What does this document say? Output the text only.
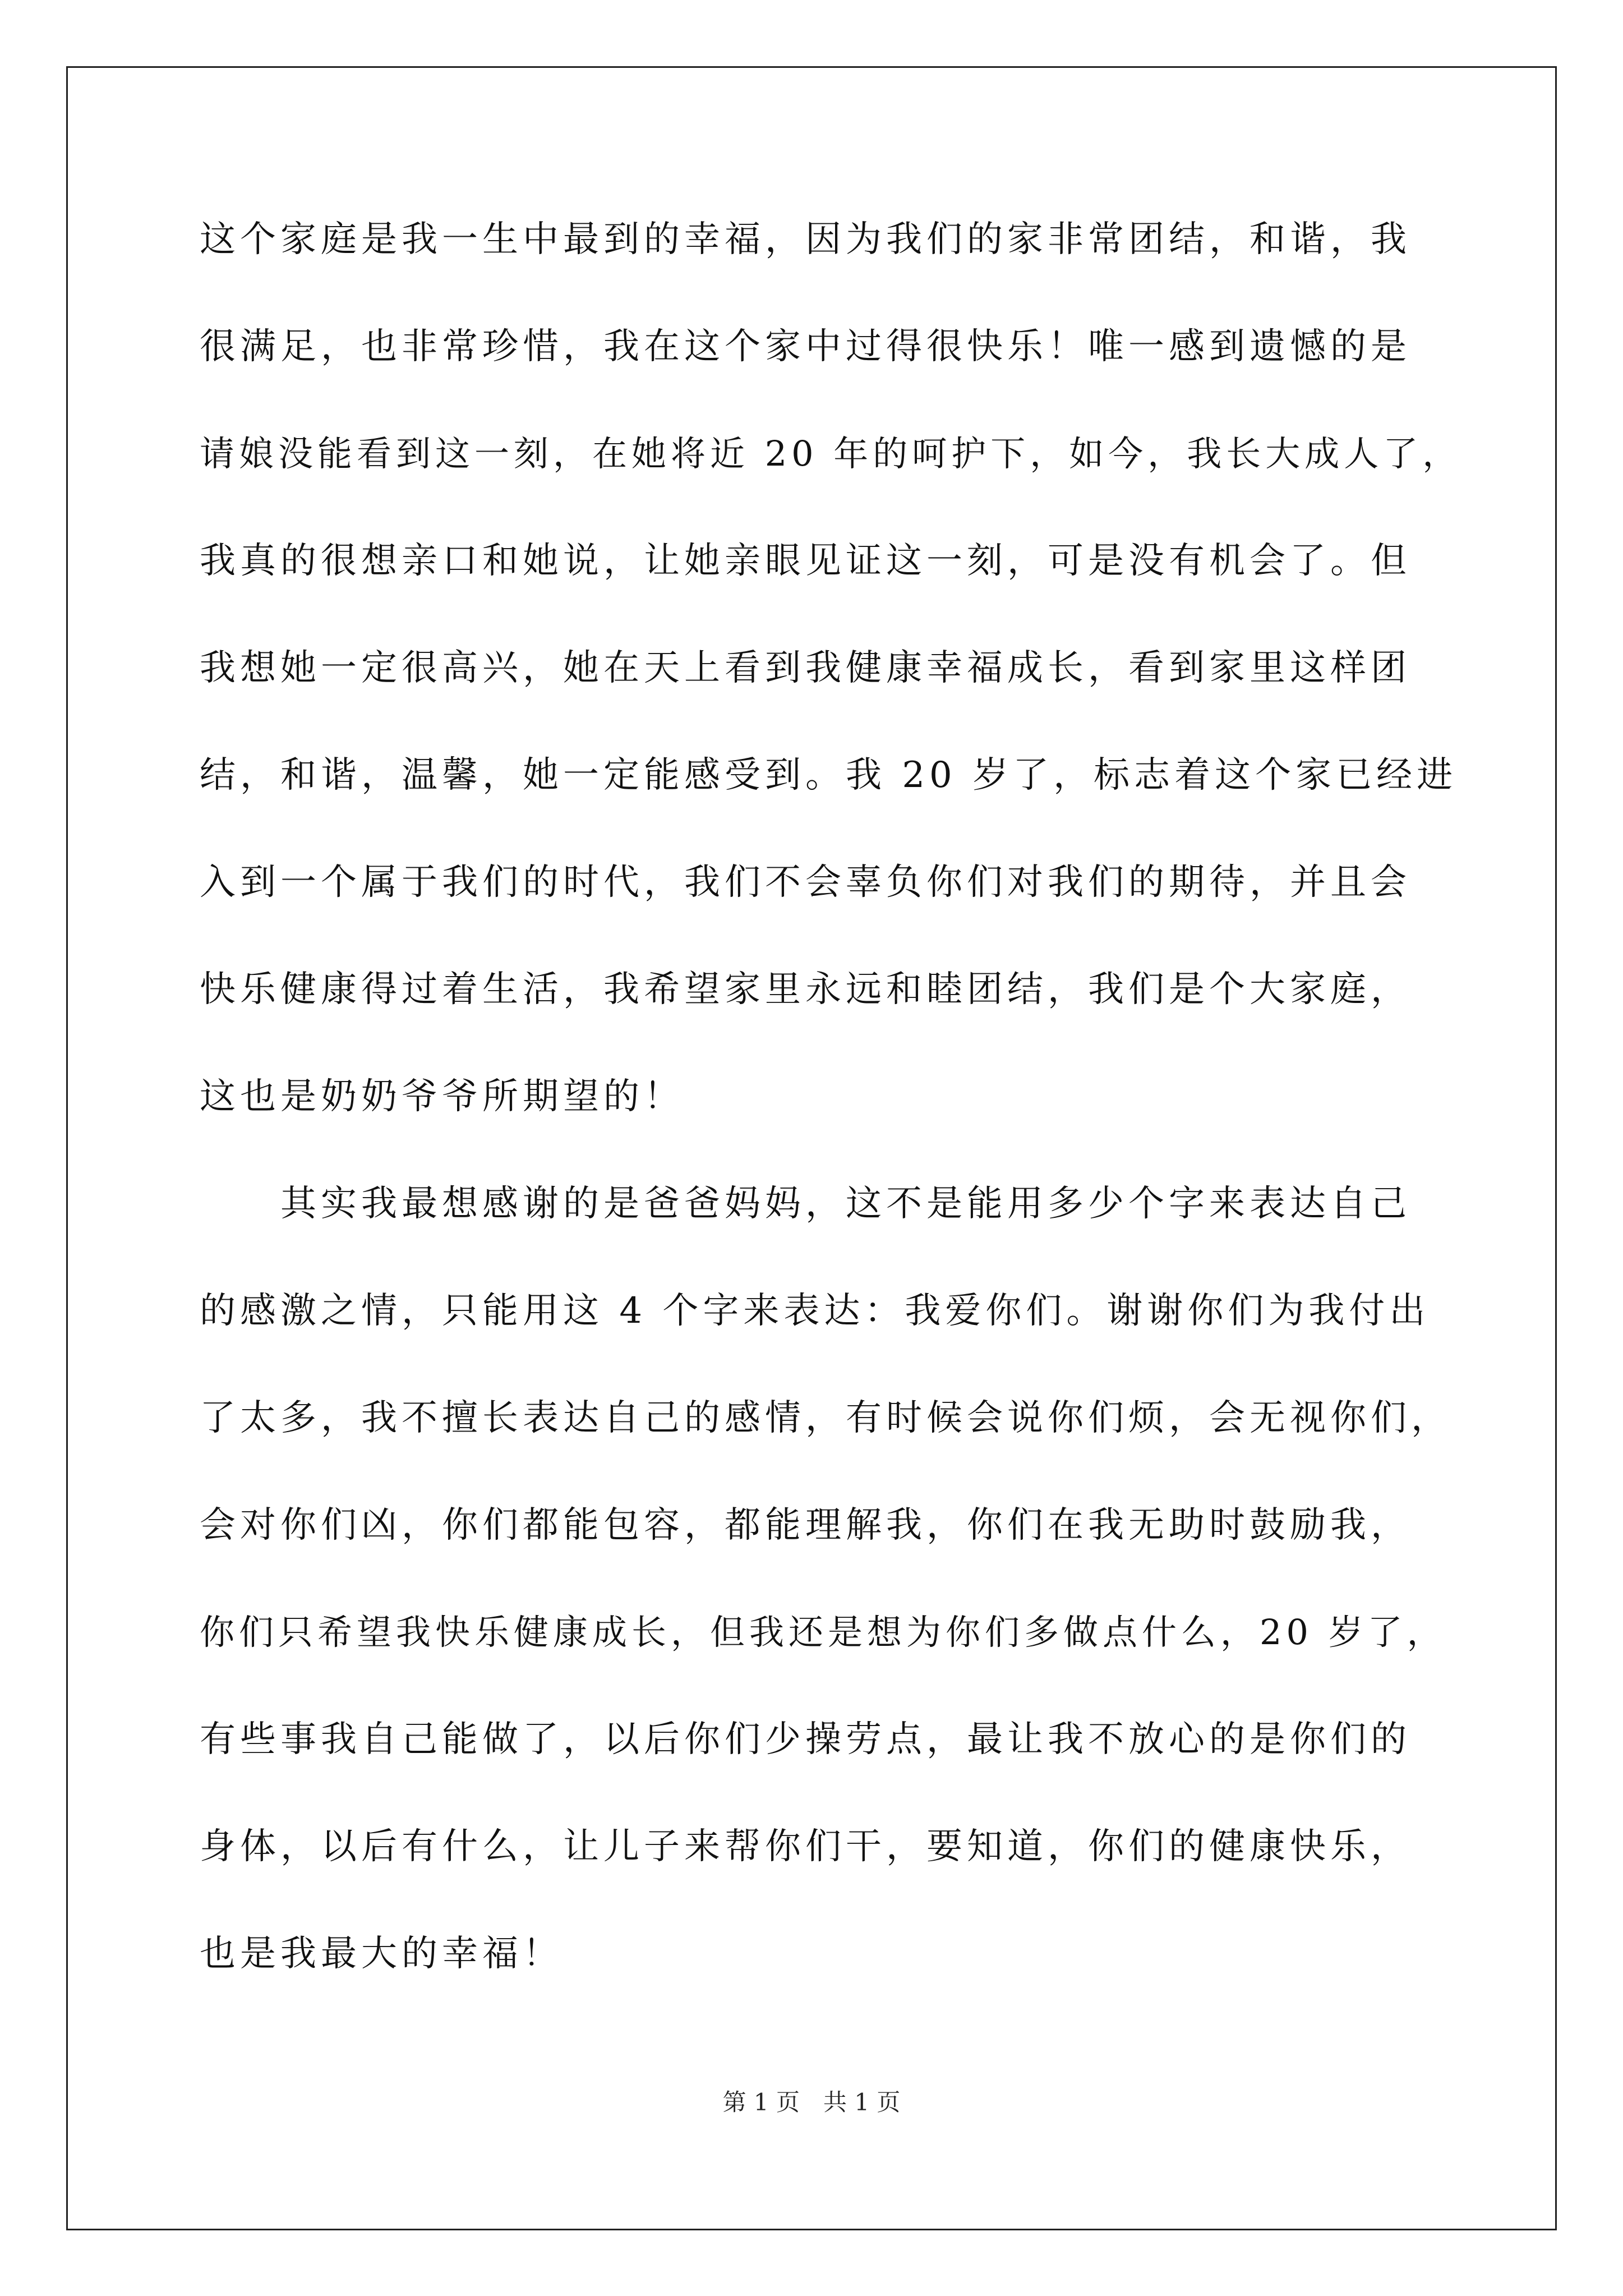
这个家庭是我一生中最到的幸福，因为我们的家非常团结，和谐，我
很满足，也非常珍惜，我在这个家中过得很快乐！唯一感到遗憾的是
请娘没能看到这一刻，在她将近 20 年的呵护下，如今，我长大成人了，
我真的很想亲口和她说，让她亲眼见证这一刻，可是没有机会了。但
我想她一定很高兴，她在天上看到我健康幸福成长，看到家里这样团
结，和谐，温馨，她一定能感受到。我 20 岁了，标志着这个家已经进
入到一个属于我们的时代，我们不会辜负你们对我们的期待，并且会
快乐健康得过着生活，我希望家里永远和睦团结，我们是个大家庭，
这也是奶奶爷爷所期望的！
其实我最想感谢的是爸爸妈妈，这不是能用多少个字来表达自己
的感激之情，只能用这 4 个字来表达：我爱你们。谢谢你们为我付出
了太多，我不擅长表达自己的感情，有时候会说你们烦，会无视你们，
会对你们凶，你们都能包容，都能理解我，你们在我无助时鼓励我，
你们只希望我快乐健康成长，但我还是想为你们多做点什么，20 岁了，
有些事我自己能做了，以后你们少操劳点，最让我不放心的是你们的
身体，以后有什么，让儿子来帮你们干，要知道，你们的健康快乐，
也是我最大的幸福！
第 1 页　共 1 页
